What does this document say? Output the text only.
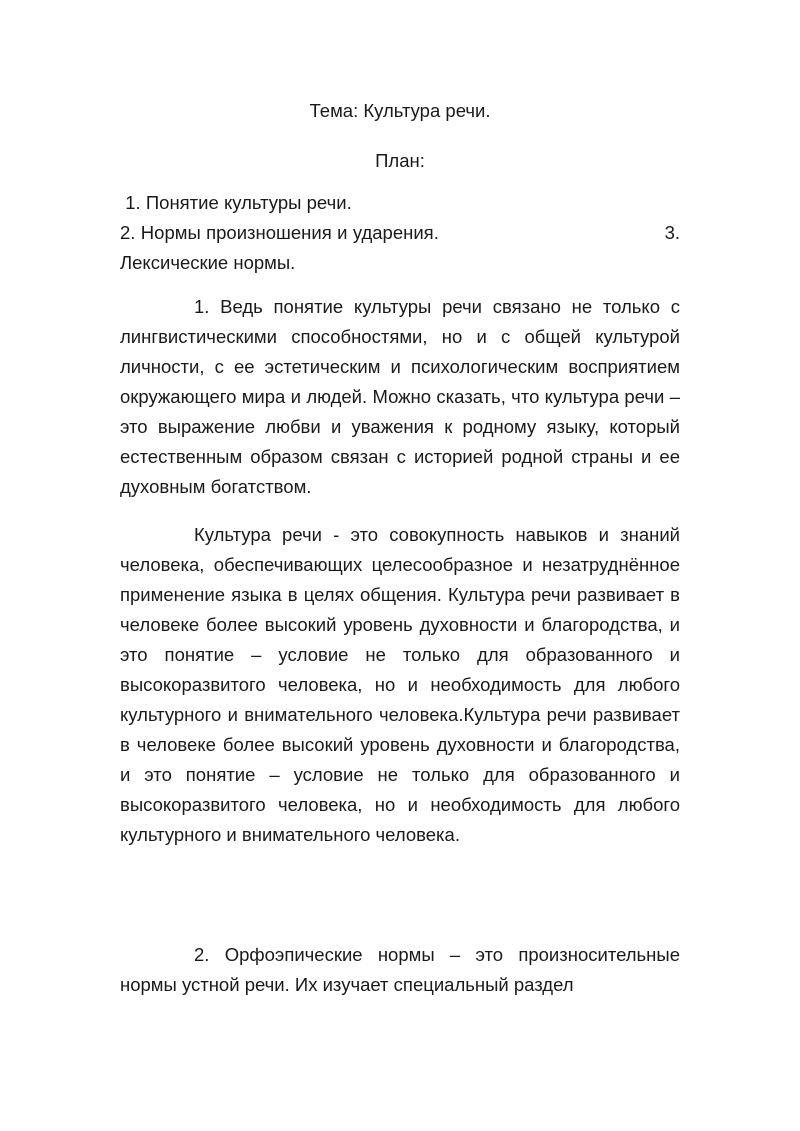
Тема: Культура речи.

План:

1. Понятие культуры речи.                                                                2. Нормы произношения и ударения.	3. Лексические нормы.

1. Ведь понятие культуры речи связано не только с лингвистическими способностями, но и с общей культурой личности, с ее эстетическим и психологическим восприятием окружающего мира и людей. Можно сказать, что культура речи – это выражение любви и уважения к родному языку, который естественным образом связан с историей родной страны и ее духовным богатством.

Культура речи - это совокупность навыков и знаний человека, обеспечивающих целесообразное и незатруднённое применение языка в целях общения. Культура речи развивает в человеке более высокий уровень духовности и благородства, и это понятие – условие не только для образованного и высокоразвитого человека, но и необходимость для любого культурного и внимательного человека.Культура речи развивает в человеке более высокий уровень духовности и благородства, и это понятие – условие не только для образованного и высокоразвитого человека, но и необходимость для любого культурного и внимательного человека.

2. Орфоэпические нормы – это произносительные нормы устной речи. Их изучает специальный раздел
